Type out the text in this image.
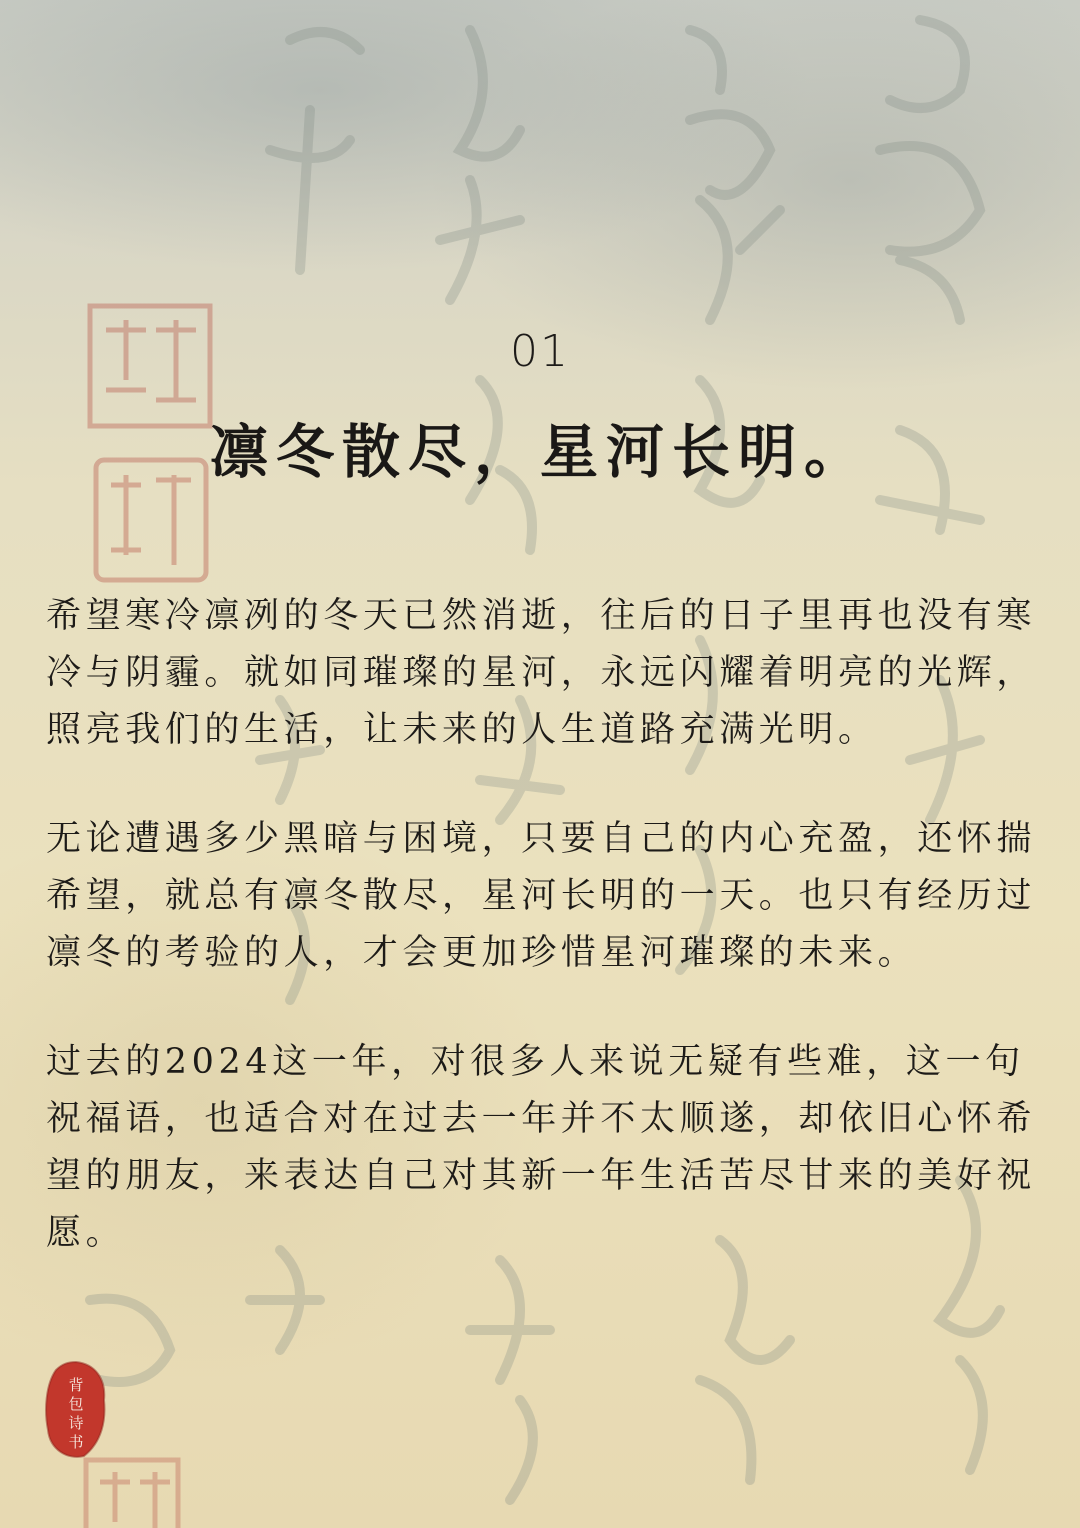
01
凛冬散尽，星河长明。

希望寒冷凛冽的冬天已然消逝，往后的日子里再也没有寒冷与阴霾。就如同璀璨的星河，永远闪耀着明亮的光辉，照亮我们的生活，让未来的人生道路充满光明。

无论遭遇多少黑暗与困境，只要自己的内心充盈，还怀揣希望，就总有凛冬散尽，星河长明的一天。也只有经历过凛冬的考验的人，才会更加珍惜星河璀璨的未来。

过去的2024这一年，对很多人来说无疑有些难，这一句祝福语，也适合对在过去一年并不太顺遂，却依旧心怀希望的朋友，来表达自己对其新一年生活苦尽甘来的美好祝愿。

背
包
诗
书
